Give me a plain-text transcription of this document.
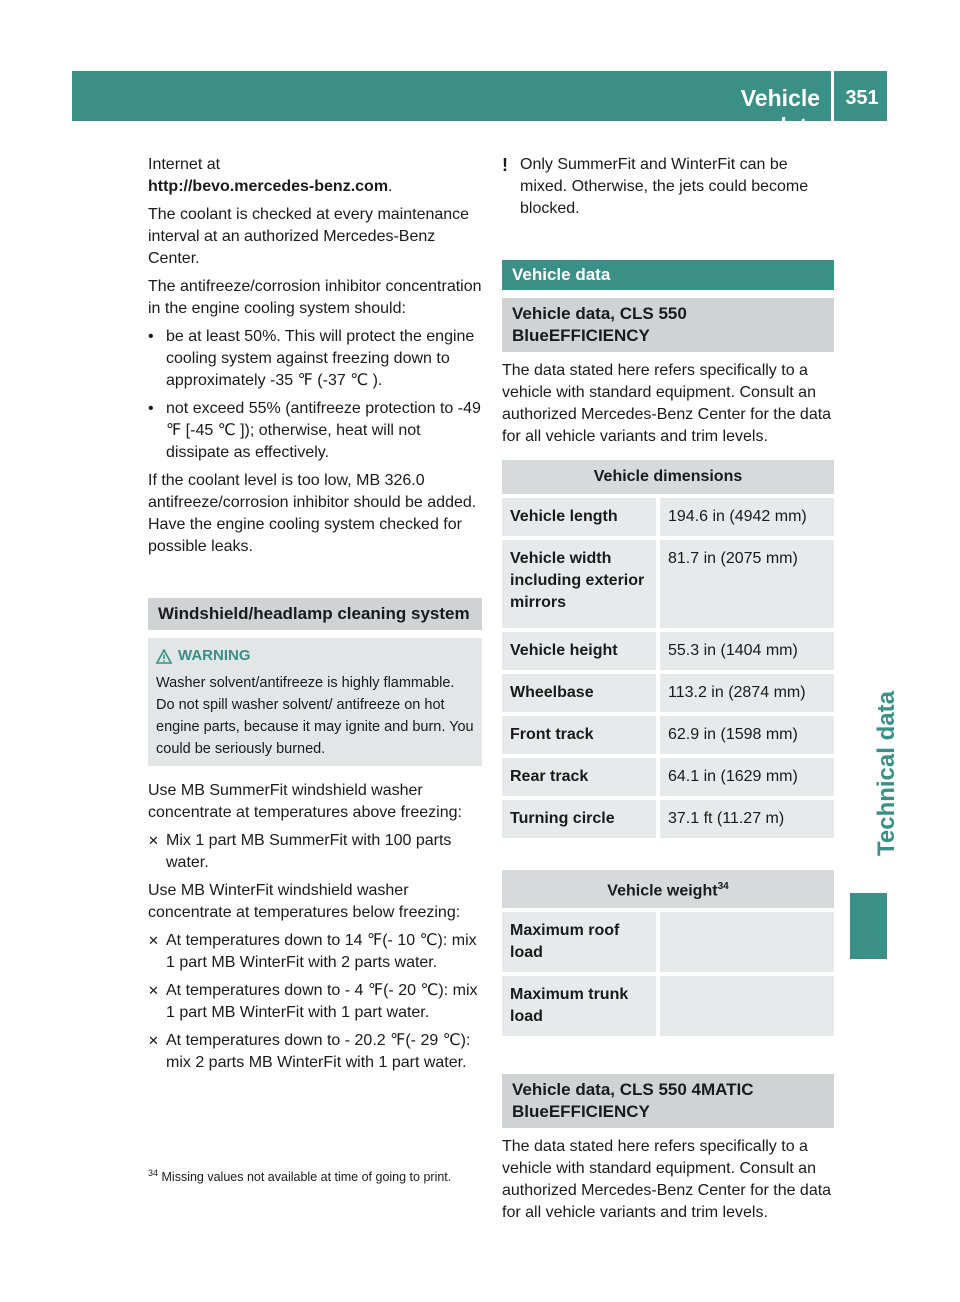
Vehicle data
351
Technical data

Internet at

http://bevo.mercedes-benz.com.

The coolant is checked at every maintenance interval at an authorized Mercedes-Benz Center.

The antifreeze/corrosion inhibitor concentration in the engine cooling system should:

• be at least 50%. This will protect the engine cooling system against freezing down to approximately -35 ℉ (-37 ℃ ).
• not exceed 55% (antifreeze protection to -49 ℉ [-45 ℃ ]); otherwise, heat will not dissipate as effectively.

If the coolant level is too low, MB 326.0 antifreeze/corrosion inhibitor should be added. Have the engine cooling system checked for possible leaks.

Windshield/headlamp cleaning system
WARNING
Washer solvent/antifreeze is highly flammable. Do not spill washer solvent/ antifreeze on hot engine parts, because it may ignite and burn. You could be seriously burned.

Use MB SummerFit windshield washer concentrate at temperatures above freezing:

✕ Mix 1 part MB SummerFit with 100 parts water.

Use MB WinterFit windshield washer concentrate at temperatures below freezing:

✕ At temperatures down to 14 ℉(‑ 10 ℃): mix 1 part MB WinterFit with 2 parts water.
✕ At temperatures down to ‑ 4 ℉(‑ 20 ℃): mix 1 part MB WinterFit with 1 part water.
✕ At temperatures down to ‑ 20.2 ℉(‑ 29 ℃): mix 2 parts MB WinterFit with 1 part water.
! Only SummerFit and WinterFit can be mixed. Otherwise, the jets could become blocked.
Vehicle data
Vehicle data, CLS 550 BlueEFFICIENCY

The data stated here refers specifically to a vehicle with standard equipment. Consult an authorized Mercedes-Benz Center for the data for all vehicle variants and trim levels.

Vehicle dimensions	
Vehicle length	194.6 in (4942 mm)
Vehicle width including exterior mirrors	81.7 in (2075 mm)
Vehicle height	55.3 in (1404 mm)
Wheelbase	113.2 in (2874 mm)
Front track	62.9 in (1598 mm)
Rear track	64.1 in (1629 mm)
Turning circle	37.1 ft (11.27 m)
Vehicle weight$^{34}$
Maximum roof load	
Maximum trunk load	
Vehicle data, CLS 550 4MATIC BlueEFFICIENCY

The data stated here refers specifically to a vehicle with standard equipment. Consult an authorized Mercedes-Benz Center for the data for all vehicle variants and trim levels.

$^{34}$ Missing values not available at time of going to print.
